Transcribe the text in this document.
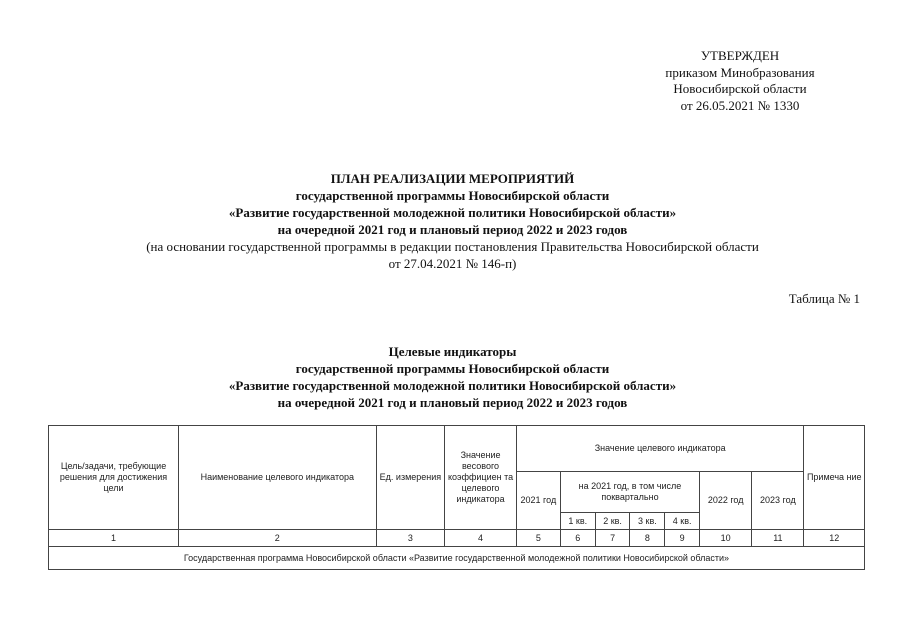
УТВЕРЖДЕН
приказом Минобразования
Новосибирской области
от 26.05.2021 № 1330
ПЛАН РЕАЛИЗАЦИИ МЕРОПРИЯТИЙ
государственной программы Новосибирской области
«Развитие государственной молодежной политики Новосибирской области»
на очередной 2021 год и плановый период 2022 и 2023 годов
(на основании государственной программы в редакции постановления Правительства Новосибирской области
от 27.04.2021 № 146-п)
Таблица № 1
Целевые индикаторы
государственной программы Новосибирской области
«Развитие государственной молодежной политики Новосибирской области»
на очередной 2021 год и плановый период 2022 и 2023 годов
Цель/задачи, требующие решения для достижения цели	Наименование целевого индикатора	Ед. измерения	Значение весового коэффициен та целевого индикатора	Значение целевого индикатора							Примеча ние
				2021 год	на 2021 год, в том числе поквартально				2022 год	2023 год	
					1 кв.	2 кв.	3 кв.	4 кв.			
1	2	3	4	5	6	7	8	9	10	11	12
Государственная программа Новосибирской области «Развитие государственной молодежной политики Новосибирской области»											
